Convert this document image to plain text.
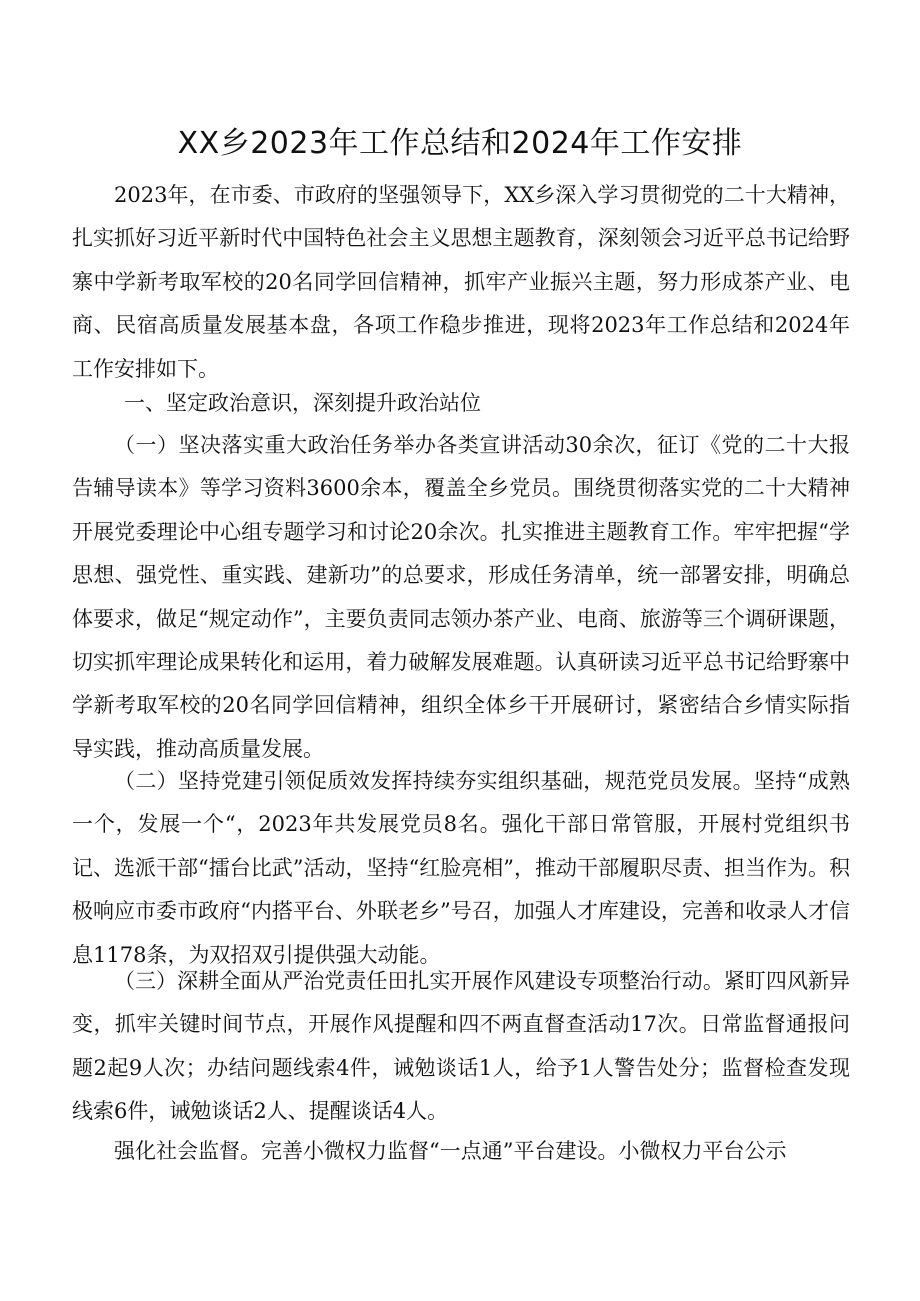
XX乡2023年工作总结和2024年工作安排

2023年，在市委、市政府的坚强领导下，XX乡深入学习贯彻党的二十大精神，扎实抓好习近平新时代中国特色社会主义思想主题教育，深刻领会习近平总书记给野寨中学新考取军校的20名同学回信精神，抓牢产业振兴主题，努力形成茶产业、电商、民宿高质量发展基本盘，各项工作稳步推进，现将2023年工作总结和2024年工作安排如下。

一、坚定政治意识，深刻提升政治站位

（一）坚决落实重大政治任务举办各类宣讲活动30余次，征订《党的二十大报告辅导读本》等学习资料3600余本，覆盖全乡党员。围绕贯彻落实党的二十大精神开展党委理论中心组专题学习和讨论20余次。扎实推进主题教育工作。牢牢把握“学思想、强党性、重实践、建新功”的总要求，形成任务清单，统一部署安排，明确总体要求，做足“规定动作”，主要负责同志领办茶产业、电商、旅游等三个调研课题，切实抓牢理论成果转化和运用，着力破解发展难题。认真研读习近平总书记给野寨中学新考取军校的20名同学回信精神，组织全体乡干开展研讨，紧密结合乡情实际指导实践，推动高质量发展。

（二）坚持党建引领促质效发挥持续夯实组织基础，规范党员发展。坚持“成熟一个，发展一个“，2023年共发展党员8名。强化干部日常管服，开展村党组织书记、选派干部“擂台比武”活动，坚持“红脸亮相”，推动干部履职尽责、担当作为。积极响应市委市政府“内搭平台、外联老乡”号召，加强人才库建设，完善和收录人才信息1178条，为双招双引提供强大动能。

（三）深耕全面从严治党责任田扎实开展作风建设专项整治行动。紧盯四风新异变，抓牢关键时间节点，开展作风提醒和四不两直督查活动17次。日常监督通报问题2起9人次；办结问题线索4件，诫勉谈话1人，给予1人警告处分；监督检查发现线索6件，诫勉谈话2人、提醒谈话4人。

强化社会监督。完善小微权力监督“一点通”平台建设。小微权力平台公示
